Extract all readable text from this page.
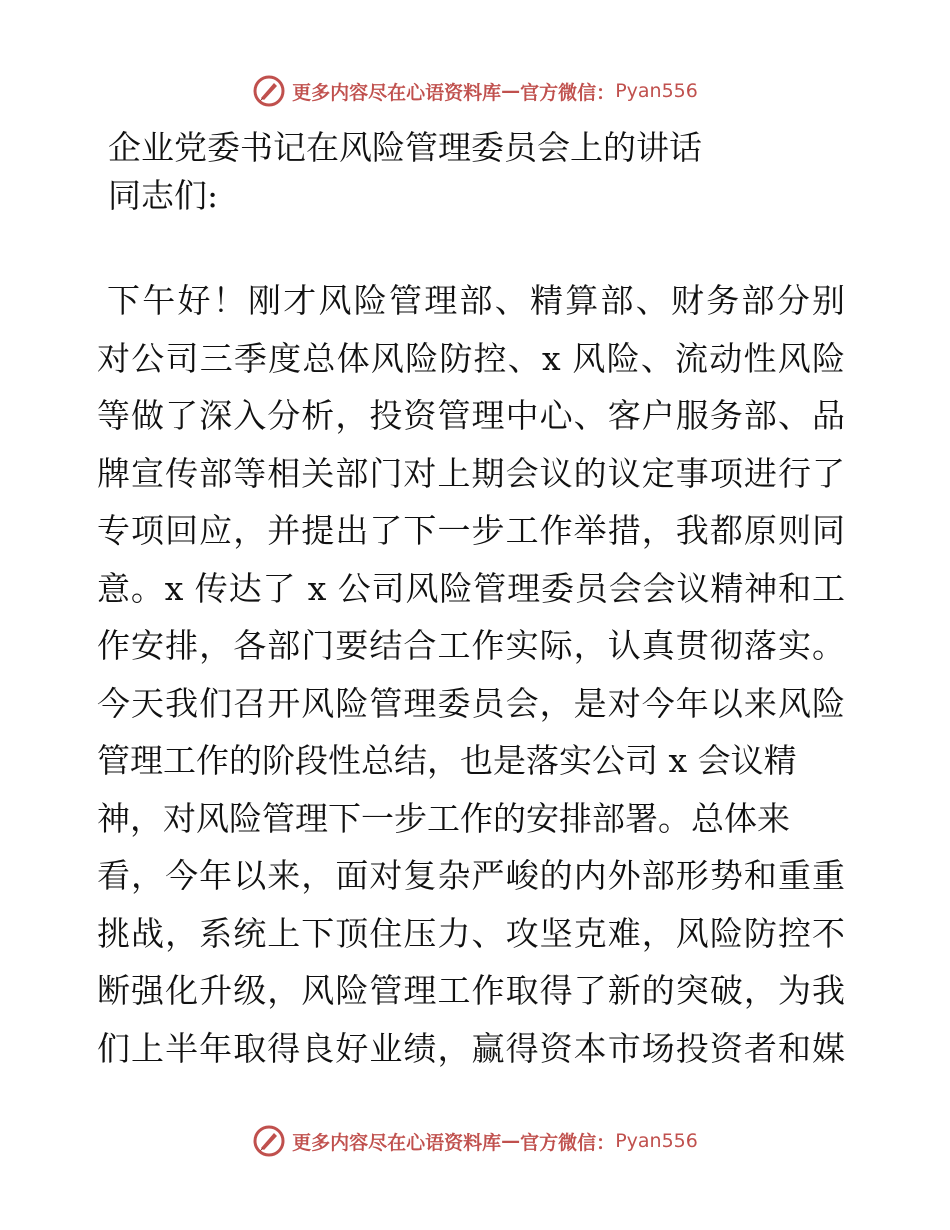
更多内容尽在心语资料库 — 官方微信： Pyan556
企业党委书记在风险管理委员会上的讲话
同志们:
下午好！刚才风险管理部、精算部、财务部分别
对公司三季度总体风险防控、x 风险、流动性风险
等做了深入分析，投资管理中心、客户服务部、品
牌宣传部等相关部门对上期会议的议定事项进行了
专项回应，并提出了下一步工作举措，我都原则同
意。x 传达了 x 公司风险管理委员会会议精神和工
作安排，各部门要结合工作实际，认真贯彻落实。
今天我们召开风险管理委员会，是对今年以来风险
管理工作的阶段性总结，也是落实公司 x 会议精
神，对风险管理下一步工作的安排部署。总体来
看，今年以来，面对复杂严峻的内外部形势和重重
挑战，系统上下顶住压力、攻坚克难，风险防控不
断强化升级，风险管理工作取得了新的突破，为我
们上半年取得良好业绩，赢得资本市场投资者和媒
更多内容尽在心语资料库 — 官方微信： Pyan556
